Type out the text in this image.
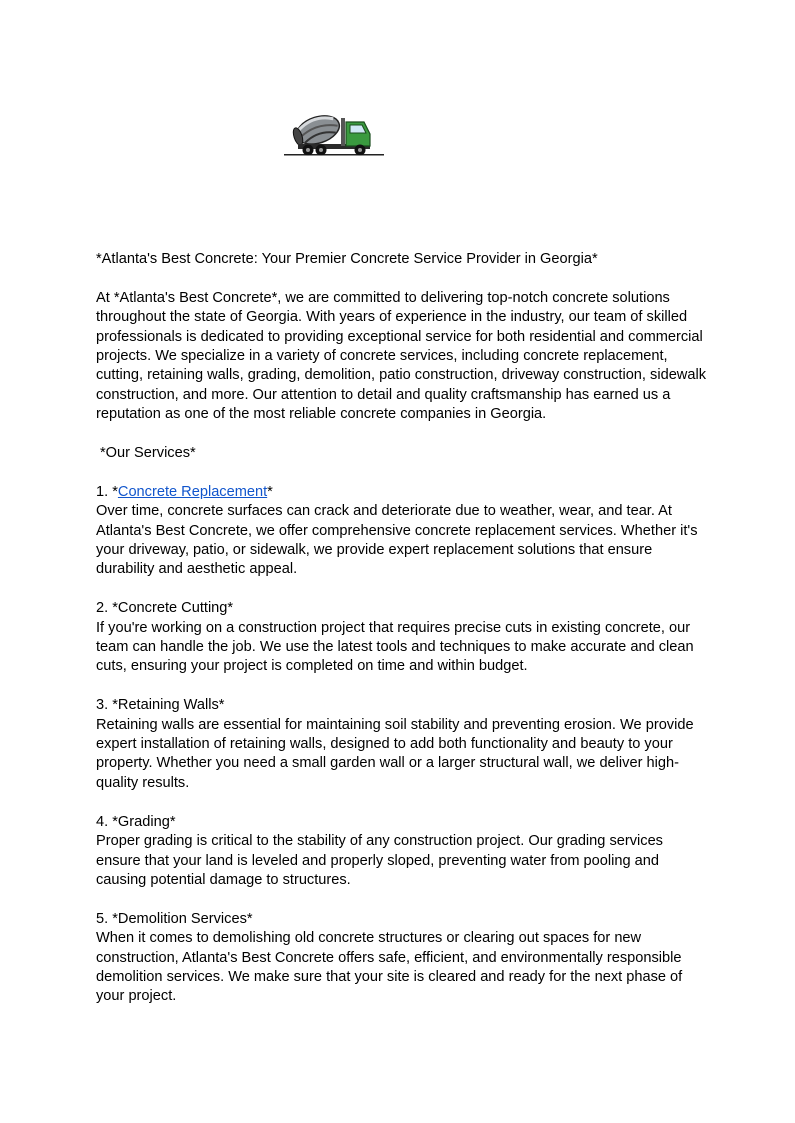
*Atlanta's Best Concrete: Your Premier Concrete Service Provider in Georgia*

At *Atlanta's Best Concrete*, we are committed to delivering top-notch concrete solutions throughout the state of Georgia. With years of experience in the industry, our team of skilled professionals is dedicated to providing exceptional service for both residential and commercial projects. We specialize in a variety of concrete services, including concrete replacement, cutting, retaining walls, grading, demolition, patio construction, driveway construction, sidewalk construction, and more. Our attention to detail and quality craftsmanship has earned us a reputation as one of the most reliable concrete companies in Georgia.

*Our Services*

1. *Concrete Replacement*

Over time, concrete surfaces can crack and deteriorate due to weather, wear, and tear. At Atlanta's Best Concrete, we offer comprehensive concrete replacement services. Whether it's your driveway, patio, or sidewalk, we provide expert replacement solutions that ensure durability and aesthetic appeal.

2. *Concrete Cutting*

If you're working on a construction project that requires precise cuts in existing concrete, our team can handle the job. We use the latest tools and techniques to make accurate and clean cuts, ensuring your project is completed on time and within budget.

3. *Retaining Walls*

Retaining walls are essential for maintaining soil stability and preventing erosion. We provide expert installation of retaining walls, designed to add both functionality and beauty to your property. Whether you need a small garden wall or a larger structural wall, we deliver high-quality results.

4. *Grading*

Proper grading is critical to the stability of any construction project. Our grading services ensure that your land is leveled and properly sloped, preventing water from pooling and causing potential damage to structures.

5. *Demolition Services*

When it comes to demolishing old concrete structures or clearing out spaces for new construction, Atlanta's Best Concrete offers safe, efficient, and environmentally responsible demolition services. We make sure that your site is cleared and ready for the next phase of your project.
